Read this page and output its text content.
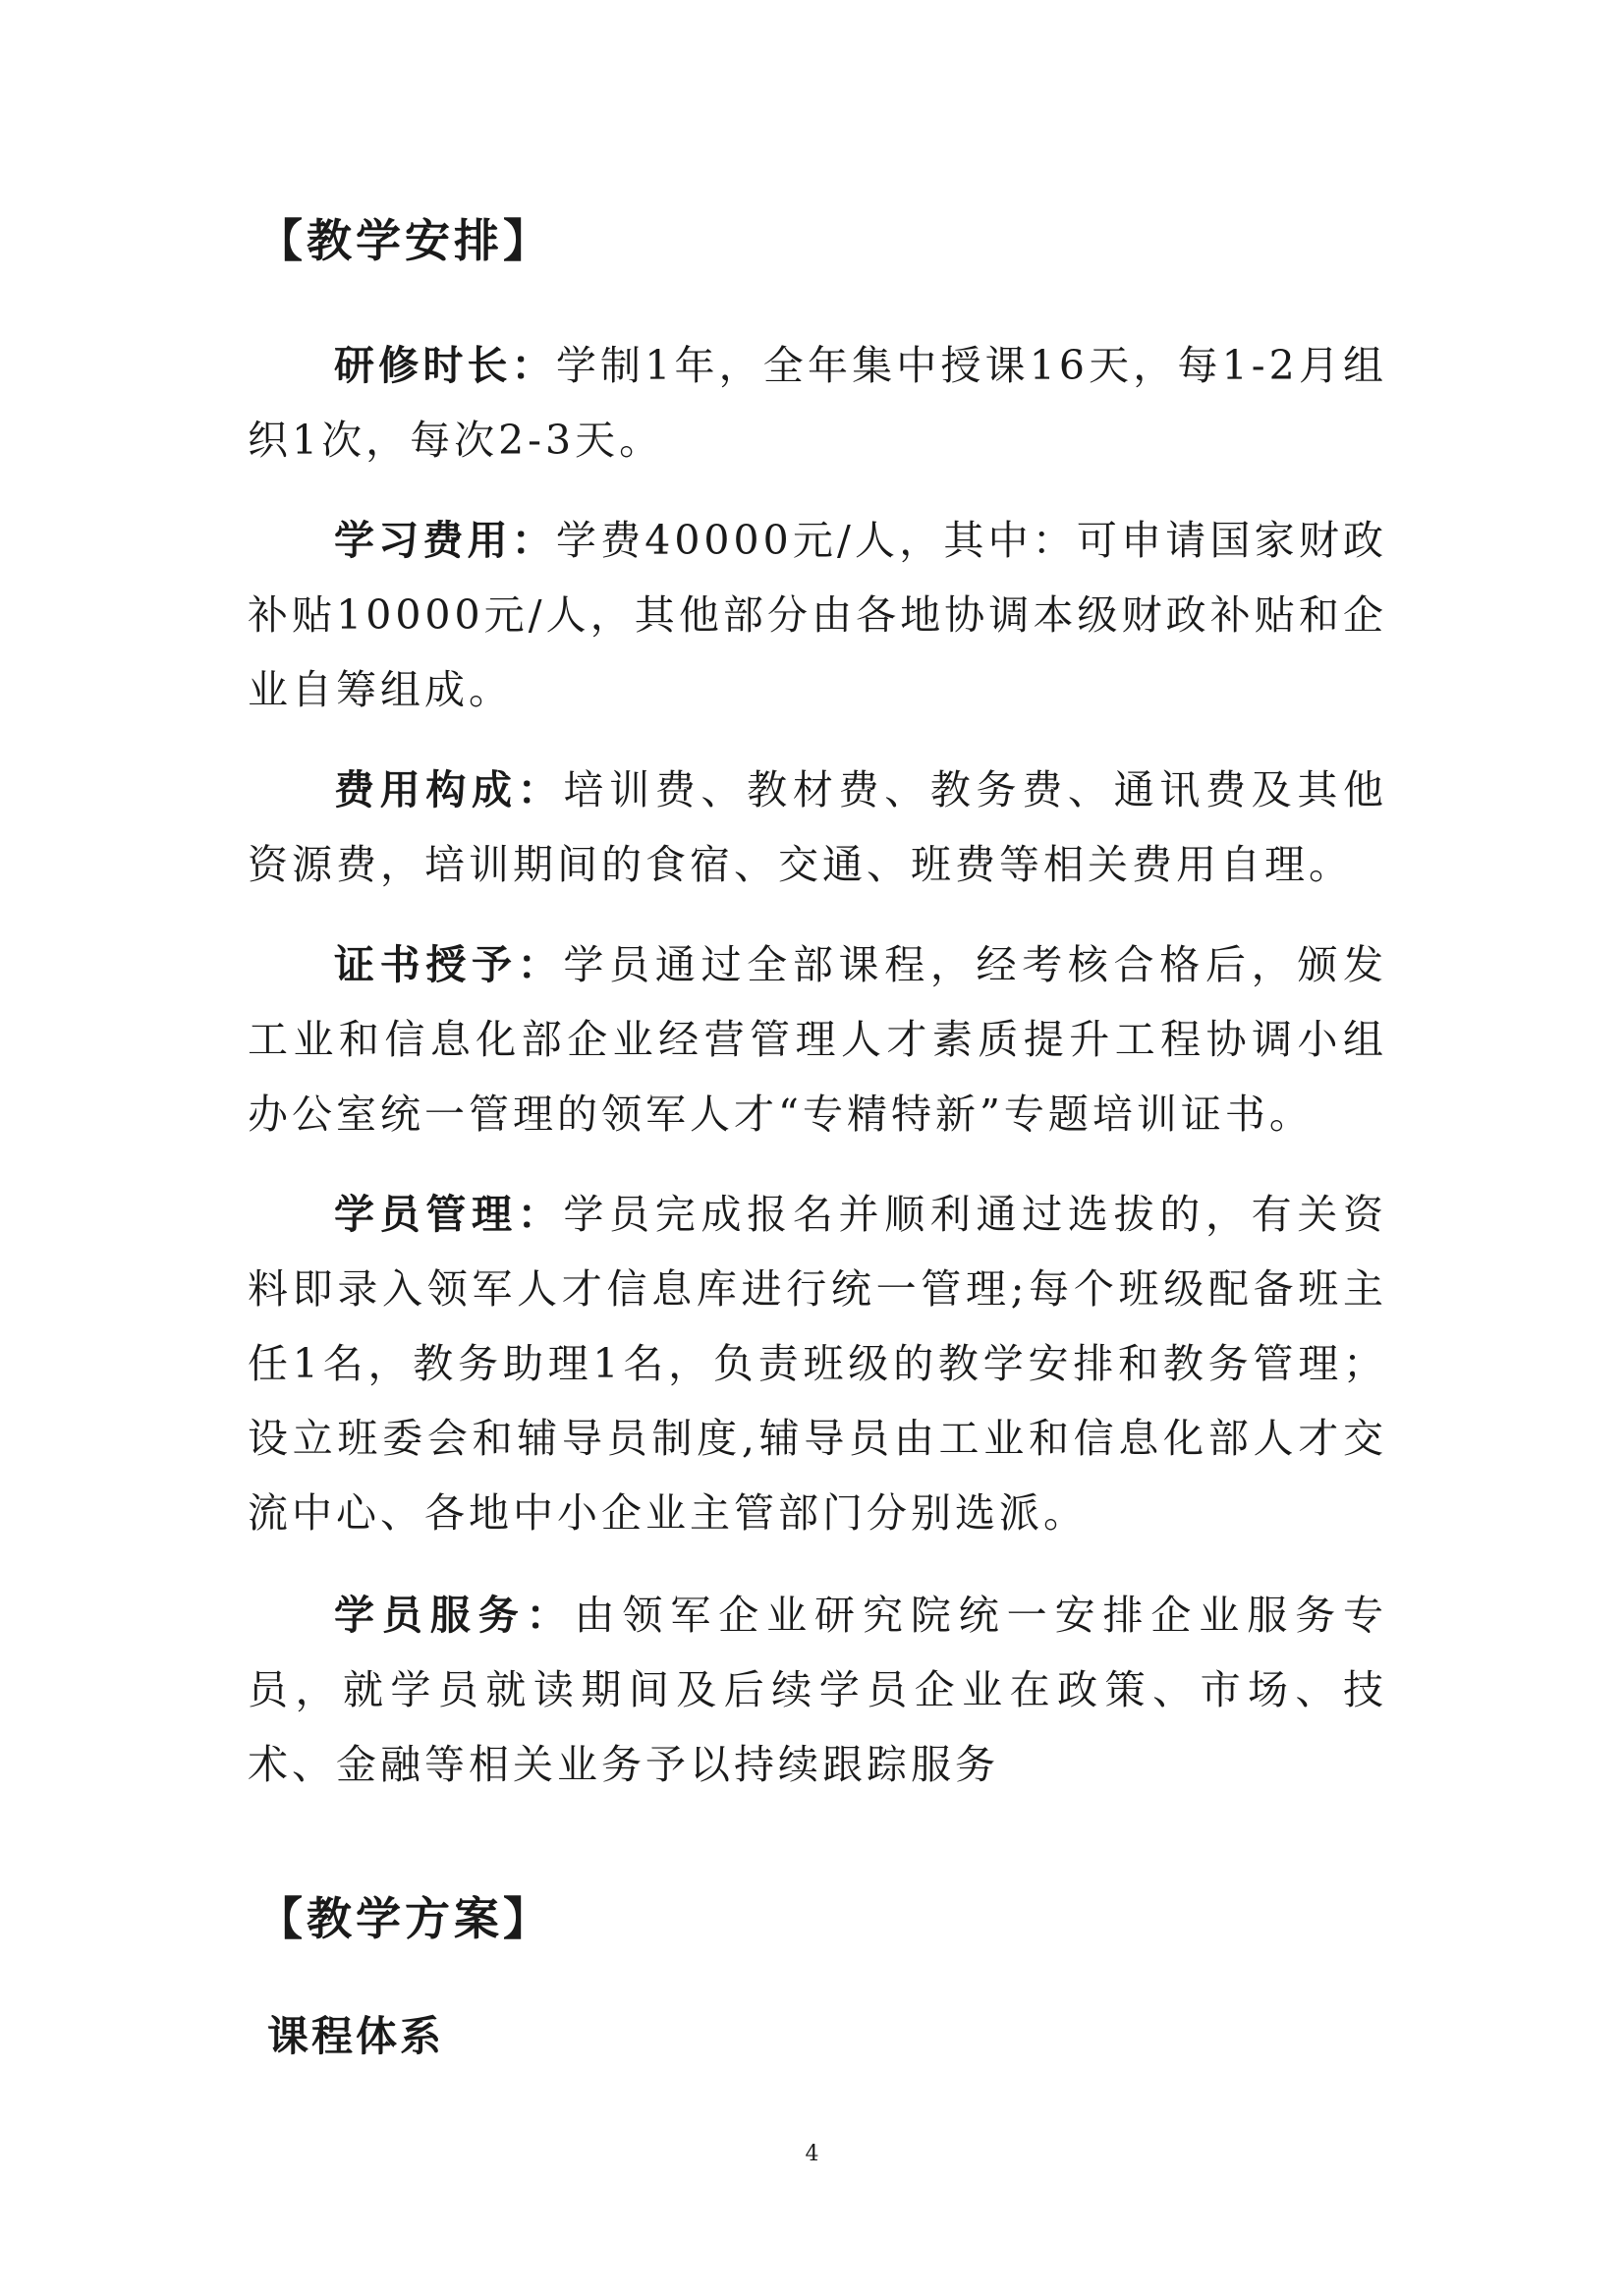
【教学安排】

研修时长：学制1年，全年集中授课16天，每1-2月组织1次，每次2-3天。

学习费用：学费40000元/人，其中：可申请国家财政补贴10000元/人，其他部分由各地协调本级财政补贴和企业自筹组成。

费用构成：培训费、教材费、教务费、通讯费及其他资源费，培训期间的食宿、交通、班费等相关费用自理。

证书授予：学员通过全部课程，经考核合格后，颁发工业和信息化部企业经营管理人才素质提升工程协调小组办公室统一管理的领军人才“专精特新”专题培训证书。

学员管理：学员完成报名并顺利通过选拔的，有关资料即录入领军人才信息库进行统一管理;每个班级配备班主任1名，教务助理1名，负责班级的教学安排和教务管理；设立班委会和辅导员制度,辅导员由工业和信息化部人才交流中心、各地中小企业主管部门分别选派。

学员服务：由领军企业研究院统一安排企业服务专员，就学员就读期间及后续学员企业在政策、市场、技术、金融等相关业务予以持续跟踪服务

【教学方案】
课程体系
4
